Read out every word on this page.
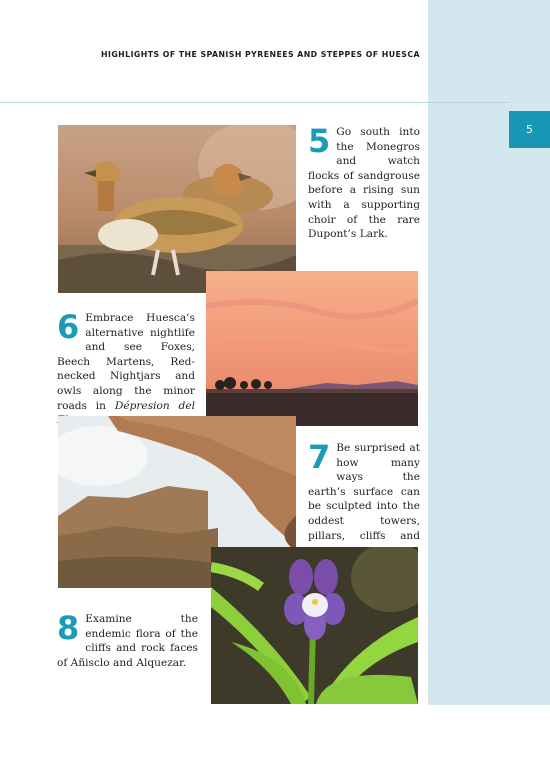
5
HIGHLIGHTS OF THE SPANISH PYRENEES AND STEPPES OF HUESCA
5 Go south into the Monegros and watch flocks of sandgrouse before a rising sun with a supporting choir of the rare Dupont’s Lark.
6 Embrace Huesca’s alternative nightlife and see Foxes, Beech Martens, Red-necked Nightjars and owls along the minor roads in Dépresion del
7 Be surprised at how many ways the earth’s surface can be sculpted into the oddest towers, pillars, cliffs and
8 Examine the endemic flora of the cliffs and rock faces of Añisclo and Alquezar.
